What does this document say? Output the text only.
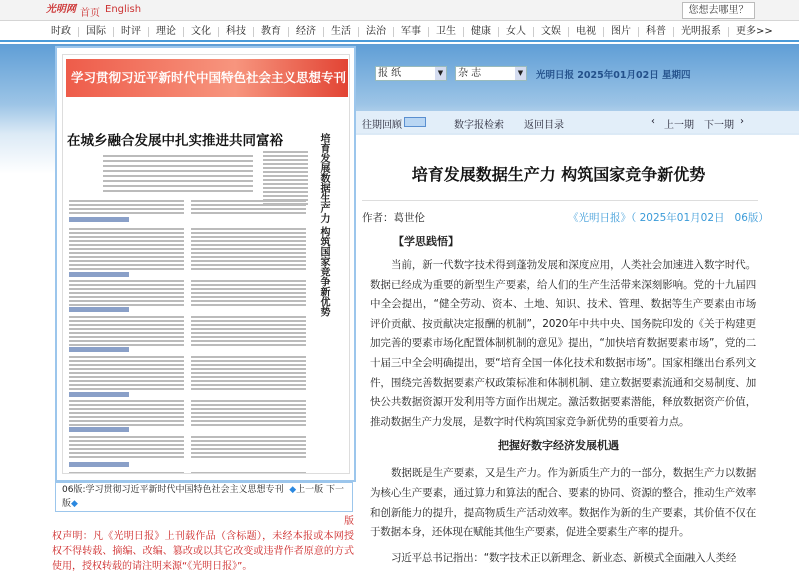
光明网 首页 English	您想去哪里？
时政	国际	时评	理论	文化	科技	教育	经济	生活	法治	军事	卫生	健康	女人	文娱	电视	图片	科普	光明报系	更多>>
学习贯彻习近平新时代中国特色社会主义思想专刊
在城乡融合发展中扎实推进共同富裕	培育发展数据生产力 构筑国家竞争新优势
06版:学习贯彻习近平新时代中国特色社会主义思想专刊 ◆上一版 下一版◆
版
权声明：凡《光明日报》上刊载作品（含标题），未经本报或本网授权不得转载、摘编、改编、篡改或以其它改变或违背作者原意的方式使用，授权转载的请注明来源“《光明日报》”。
报 纸	▼	杂 志	▼ 光明日报 2025年01月02日 星期四
往期回顾	数字报检索 返回目录	‹ 上一期 下一期 ›
培育发展数据生产力 构筑国家竞争新优势
作者：葛世伦	《光明日报》（ 2025年01月02日   06版）
【学思践悟】
当前，新一代数字技术得到蓬勃发展和深度应用，人类社会加速进入数字时代。数据已经成为重要的新型生产要素，给人们的生产生活带来深刻影响。党的十九届四中全会提出，“健全劳动、资本、土地、知识、技术、管理、数据等生产要素由市场评价贡献、按贡献决定报酬的机制”，2020年中共中央、国务院印发的《关于构建更加完善的要素市场化配置体制机制的意见》提出，“加快培育数据要素市场”，党的二十届三中全会明确提出，要“培育全国一体化技术和数据市场”。国家相继出台系列文件，围绕完善数据要素产权政策标准和体制机制、建立数据要素流通和交易制度、加快公共数据资源开发利用等方面作出规定。激活数据要素潜能，释放数据资产价值，推动数据生产力发展，是数字时代构筑国家竞争新优势的重要着力点。
把握好数字经济发展机遇
数据既是生产要素，又是生产力。作为新质生产力的一部分，数据生产力以数据为核心生产要素，通过算力和算法的配合、要素的协同、资源的整合，推动生产效率和创新能力的提升，提高物质生产活动效率。数据作为新的生产要素，其价值不仅在于数据本身，还体现在赋能其他生产要素，促进全要素生产率的提升。
习近平总书记指出：“数字技术正以新理念、新业态、新模式全面融入人类经
